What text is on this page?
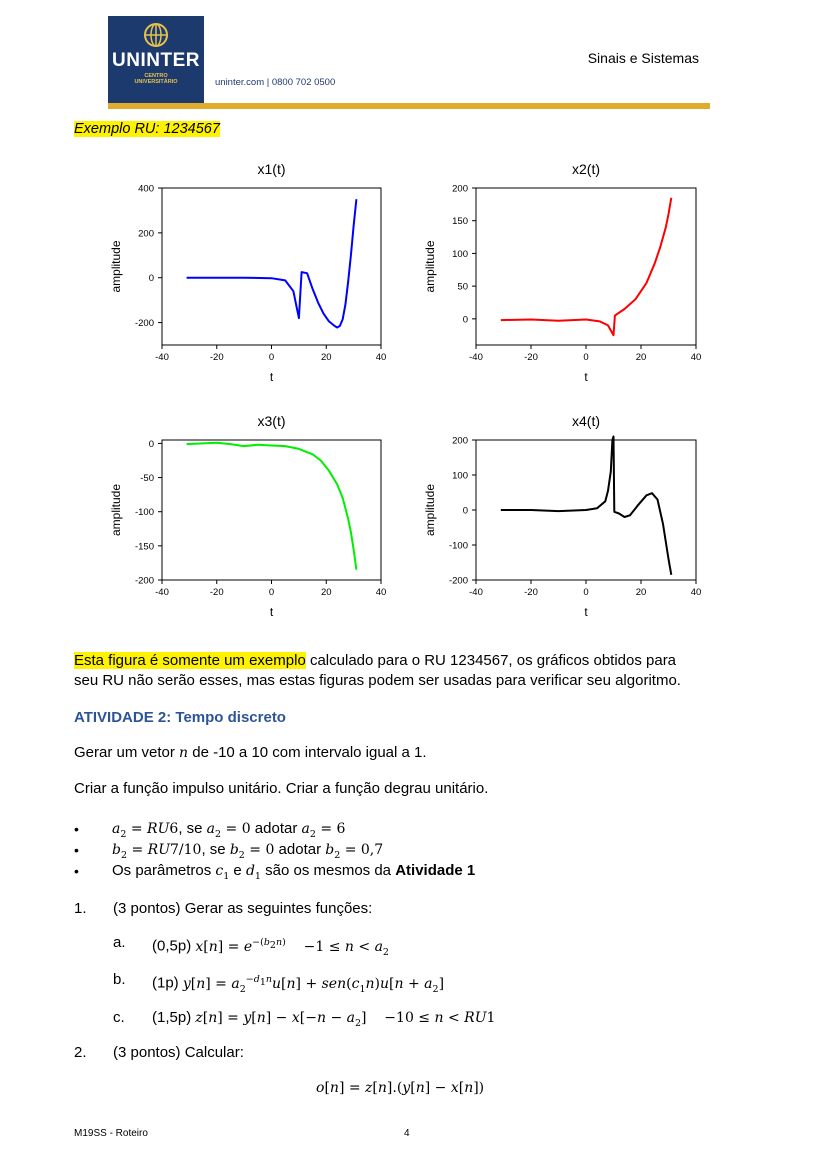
UNINTER
CENTRO
UNIVERSITÁRIO	uninter.com | 0800 702 0500
Sinais e Sistemas
Exemplo RU: 1234567
x1(t)
-40	-20	0	20	40
-200
0
200
400
t
amplitude
x2(t)
-40	-20	0	20	40
0
50
100
150
200
t
amplitude
x3(t)
-40	-20	0	20	40
-200
-150
-100
-50
0
t
amplitude
x4(t)
-40	-20	0	20	40
-200
-100
0
100
200
t
amplitude
Esta figura é somente um exemplo calculado para o RU 1234567, os gráficos obtidos para
seu RU não serão esses, mas estas figuras podem ser usadas para verificar seu algoritmo.
ATIVIDADE 2: Tempo discreto
Gerar um vetor n de -10 a 10 com intervalo igual a 1.
Criar a função impulso unitário. Criar a função degrau unitário.
• $a_2 = RU6$, se $a_2 = 0$ adotar $a_2 = 6$
• $b_2 = RU7/10$, se $b_2 = 0$ adotar $b_2 = 0,7$
• Os parâmetros $c_1$ e $d_1$ são os mesmos da Atividade 1
1. (3 pontos) Gerar as seguintes funções:
a. (0,5p) $x[n] = e^{-(b_2n)}$    $-1 \le n < a_2$
b. (1p) $y[n] = a_2^{-d_1n}u[n] + sen(c_1n)u[n + a_2]$
c. (1,5p) $z[n] = y[n] - x[-n - a_2]$    −10 ≤ n < RU1
2. (3 pontos) Calcular:
o[n] = z[n].(y[n] − x[n])
M19SS - Roteiro	4
